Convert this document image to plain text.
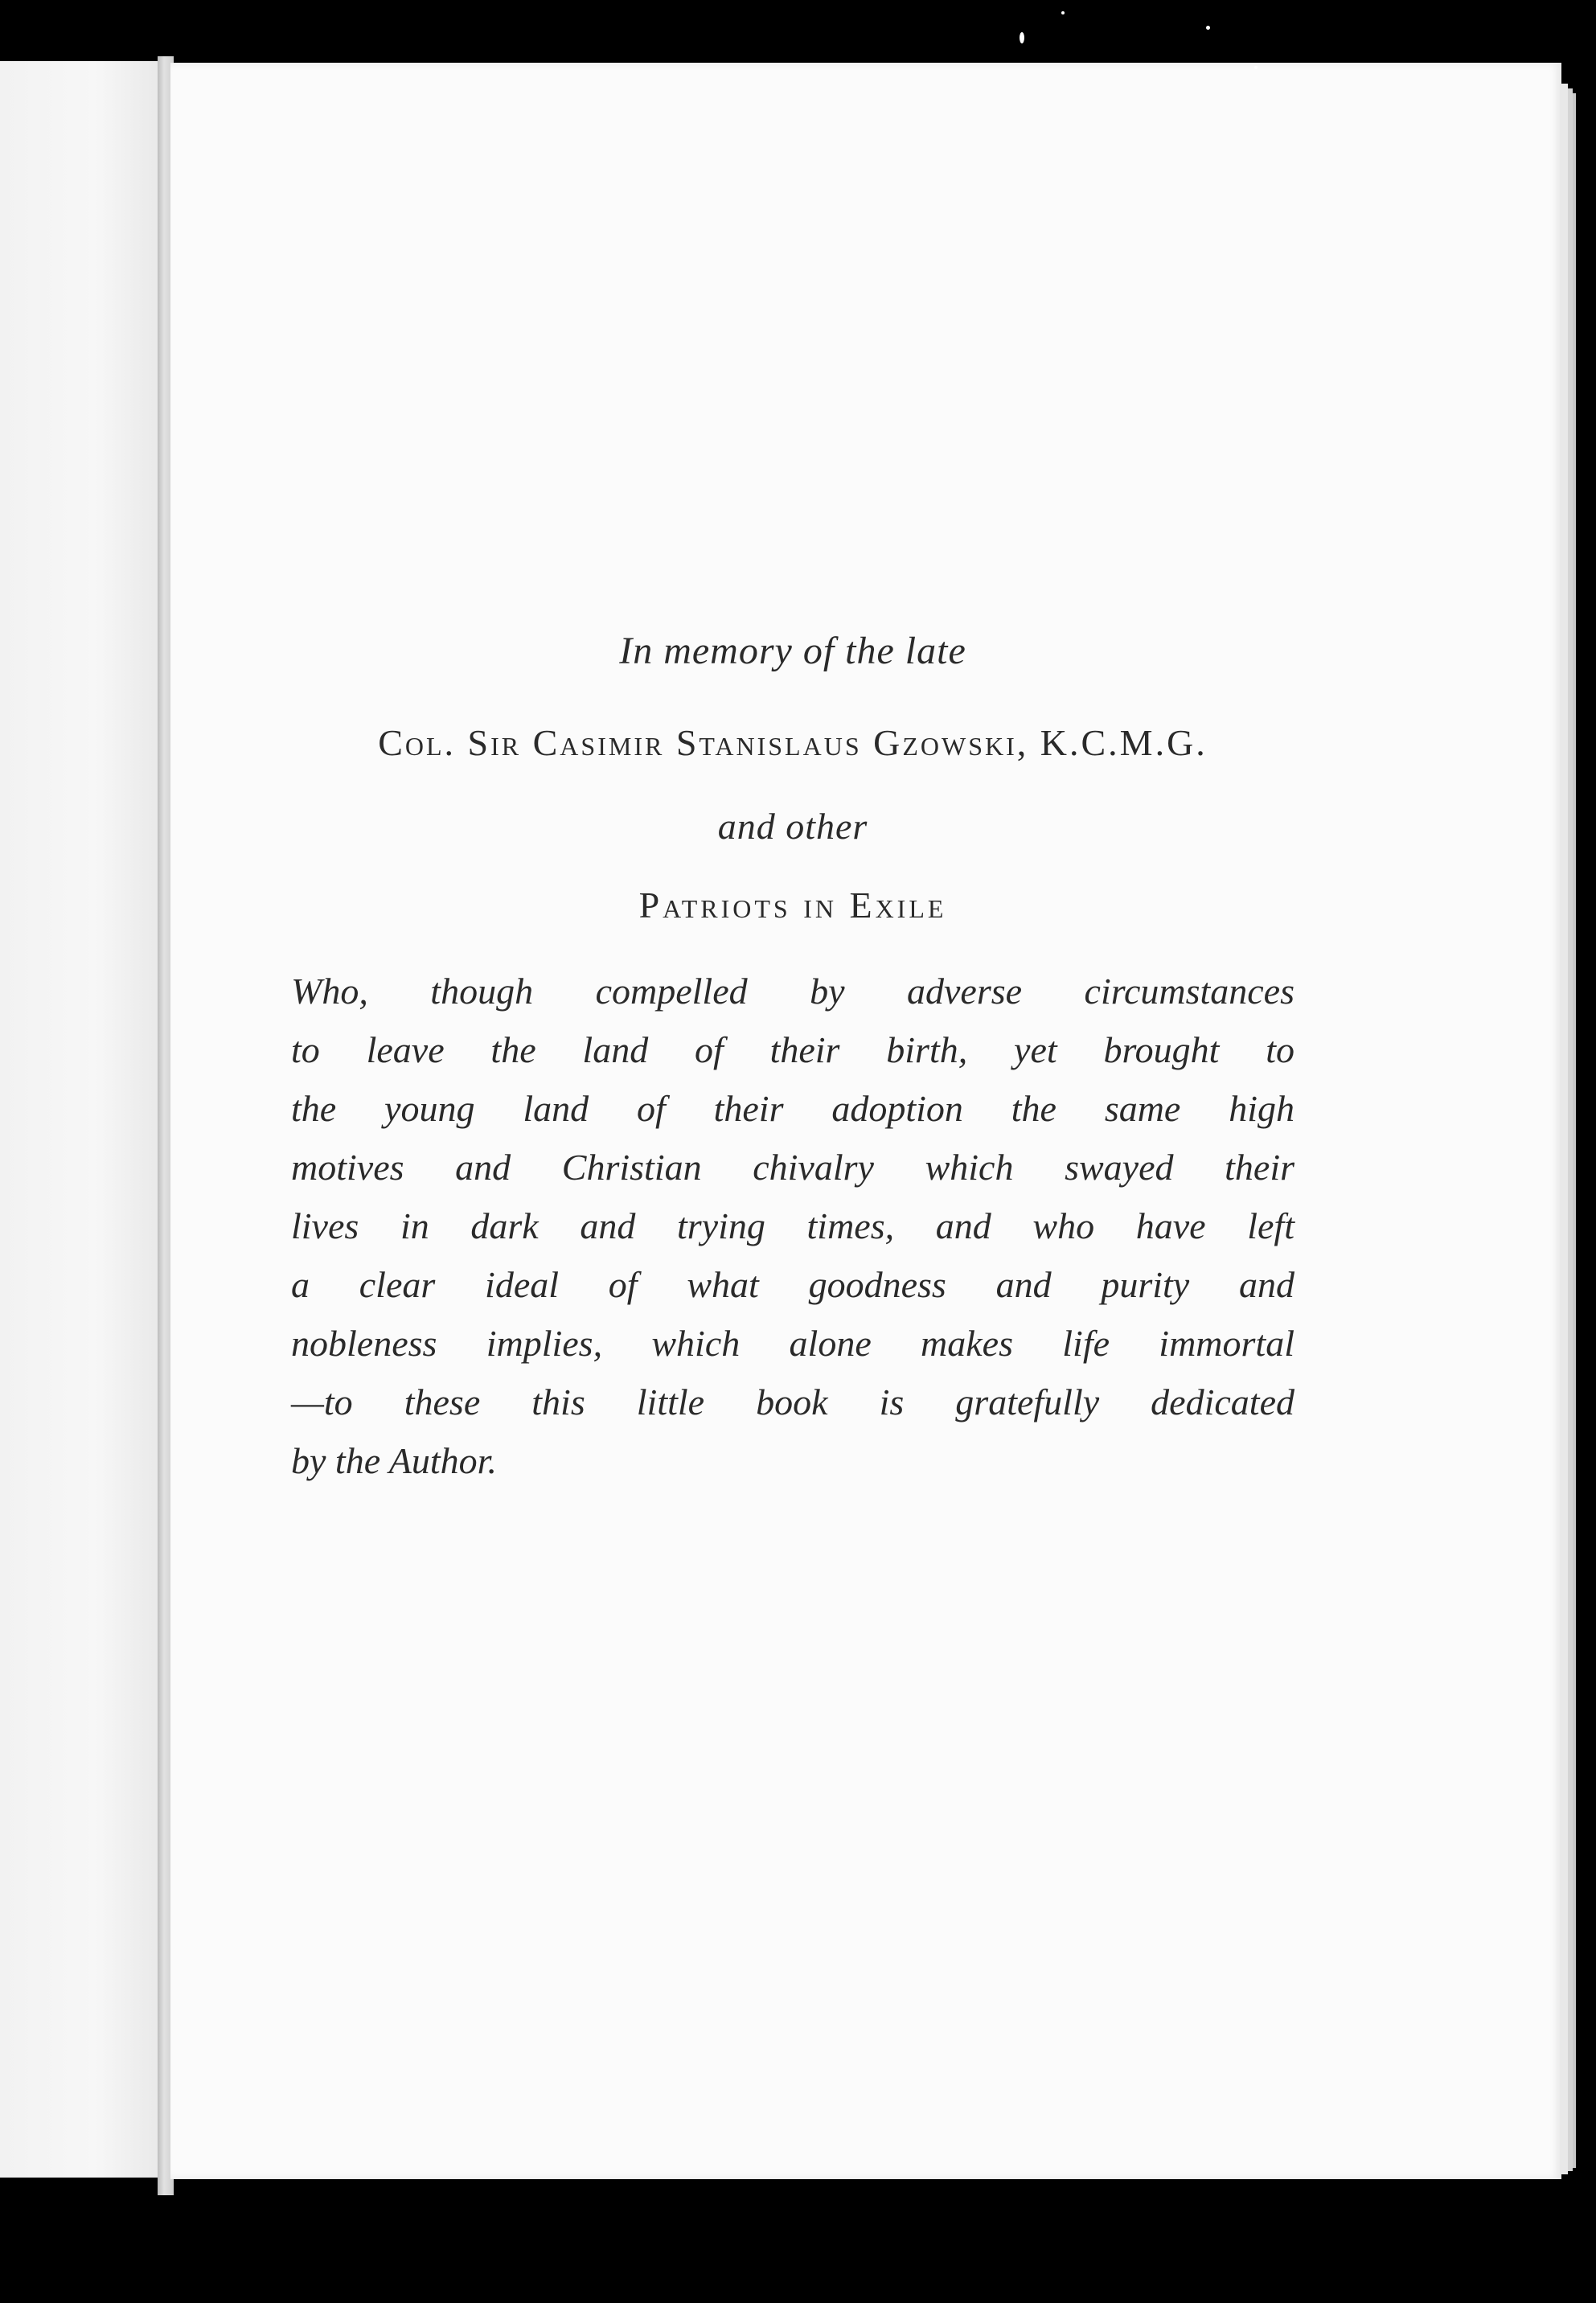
In memory of the late

Col. Sir Casimir Stanislaus Gzowski, K.C.M.G.

and other

Patriots in Exile

Who, though compelled by adverse circumstances
to leave the land of their birth, yet brought to
the young land of their adoption the same high
motives and Christian chivalry which swayed their
lives in dark and trying times, and who have left
a clear ideal of what goodness and purity and
nobleness implies, which alone makes life immortal
—to these this little book is gratefully dedicated
by the Author.
